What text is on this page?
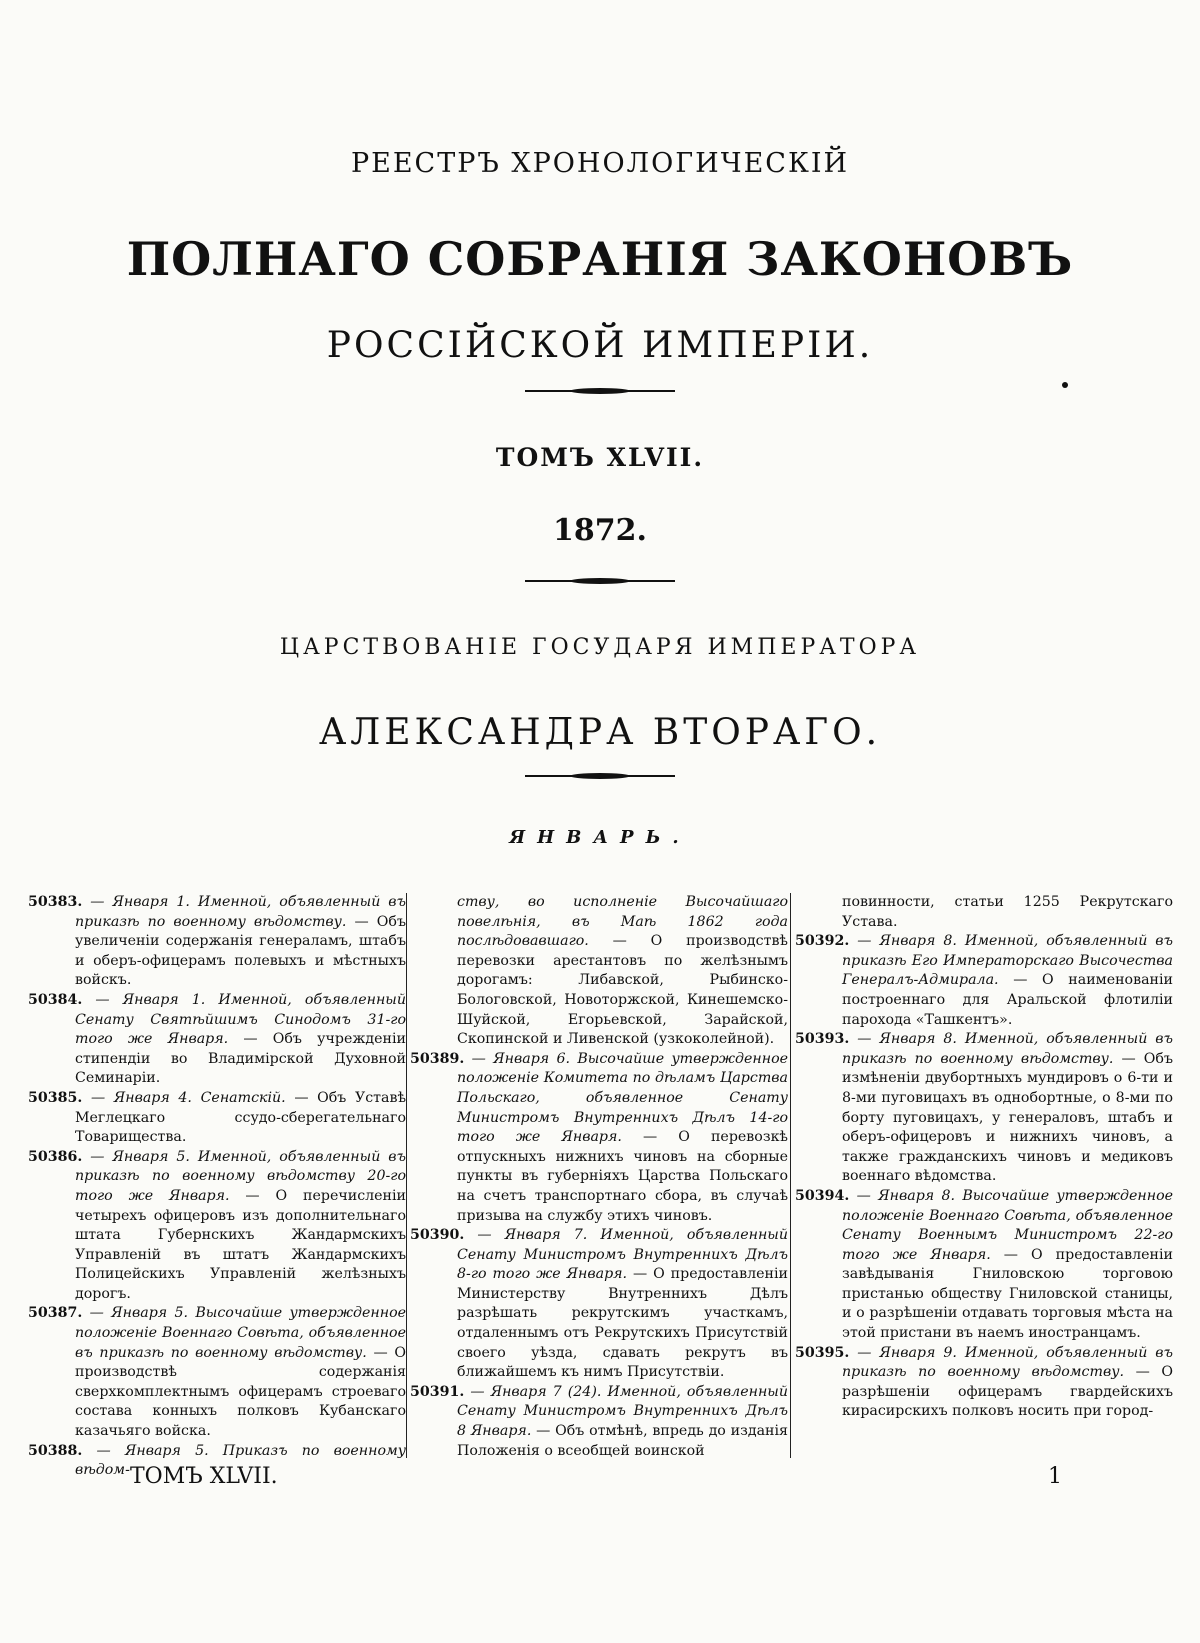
РЕЕСТРЪ ХРОНОЛОГИЧЕСКІЙ
ПОЛНАГО СОБРАНІЯ ЗАКОНОВЪ
РОССІЙСКОЙ ИМПЕРІИ.
ТОМЪ XLVII.
1872.
ЦАРСТВОВАНІЕ ГОСУДАРЯ ИМПЕРАТОРА
АЛЕКСАНДРА ВТОРАГО.
ЯНВАРЬ.
50383. — Января 1. Именной, объявленный въ приказѣ по военному вѣдомству. — Объ увеличеніи содержанія генераламъ, штабъ и оберъ-офицерамъ полевыхъ и мѣстныхъ войскъ.
50384. — Января 1. Именной, объявленный Сенату Святѣйшимъ Синодомъ 31-го того же Января. — Объ учрежденіи стипендіи во Владимірской Духовной Семинаріи.
50385. — Января 4. Сенатскій. — Объ Уставѣ Меглецкаго ссудо-сберегательнаго Товарищества.
50386. — Января 5. Именной, объявленный въ приказѣ по военному вѣдомству 20-го того же Января. — О перечисленіи четырехъ офицеровъ изъ дополнительнаго штата Губернскихъ Жандармскихъ Управленій въ штатъ Жандармскихъ Полицейскихъ Управленій желѣзныхъ дорогъ.
50387. — Января 5. Высочайше утвержденное положеніе Военнаго Совѣта, объявленное въ приказѣ по военному вѣдомству. — О производствѣ содержанія сверхкомплектнымъ офицерамъ строеваго состава конныхъ полковъ Кубанскаго казачьяго войска.
50388. — Января 5. Приказъ по военному вѣдом-
ству, во исполненіе Высочайшаго повелѣнія, въ Маѣ 1862 года послѣдовавшаго. — О производствѣ перевозки арестантовъ по желѣзнымъ дорогамъ: Либавской, Рыбинско-Бологовской, Новоторжской, Кинешемско-Шуйской, Егорьевской, Зарайской, Скопинской и Ливенской (узкоколейной).
50389. — Января 6. Высочайше утвержденное положеніе Комитета по дѣламъ Царства Польскаго, объявленное Сенату Министромъ Внутреннихъ Дѣлъ 14-го того же Января. — О перевозкѣ отпускныхъ нижнихъ чиновъ на сборные пункты въ губерніяхъ Царства Польскаго на счетъ транспортнаго сбора, въ случаѣ призыва на службу этихъ чиновъ.
50390. — Января 7. Именной, объявленный Сенату Министромъ Внутреннихъ Дѣлъ 8-го того же Января. — О предоставленіи Министерству Внутреннихъ Дѣлъ разрѣшать рекрутскимъ участкамъ, отдаленнымъ отъ Рекрутскихъ Присутствій своего уѣзда, сдавать рекрутъ въ ближайшемъ къ нимъ Присутствіи.
50391. — Января 7 (24). Именной, объявленный Сенату Министромъ Внутреннихъ Дѣлъ 8 Января. — Объ отмѣнѣ, впредь до изданія Положенія о всеобщей воинской
повинности, статьи 1255 Рекрутскаго Устава.
50392. — Января 8. Именной, объявленный въ приказѣ Его Императорскаго Высочества Генералъ-Адмирала. — О наименованіи построеннаго для Аральской флотиліи парохода «Ташкентъ».
50393. — Января 8. Именной, объявленный въ приказѣ по военному вѣдомству. — Объ измѣненіи двубортныхъ мундировъ о 6-ти и 8-ми пуговицахъ въ однобортные, о 8-ми по борту пуговицахъ, у генераловъ, штабъ и оберъ-офицеровъ и нижнихъ чиновъ, а также гражданскихъ чиновъ и медиковъ военнаго вѣдомства.
50394. — Января 8. Высочайше утвержденное положеніе Военнаго Совѣта, объявленное Сенату Военнымъ Министромъ 22-го того же Января. — О предоставленіи завѣдыванія Гниловскою торговою пристанью обществу Гниловской станицы, и о разрѣшеніи отдавать торговыя мѣста на этой пристани въ наемъ иностранцамъ.
50395. — Января 9. Именной, объявленный въ приказѣ по военному вѣдомству. — О разрѣшеніи офицерамъ гвардейскихъ кирасирскихъ полковъ носить при город-
ТОМЪ XLVII.	1
